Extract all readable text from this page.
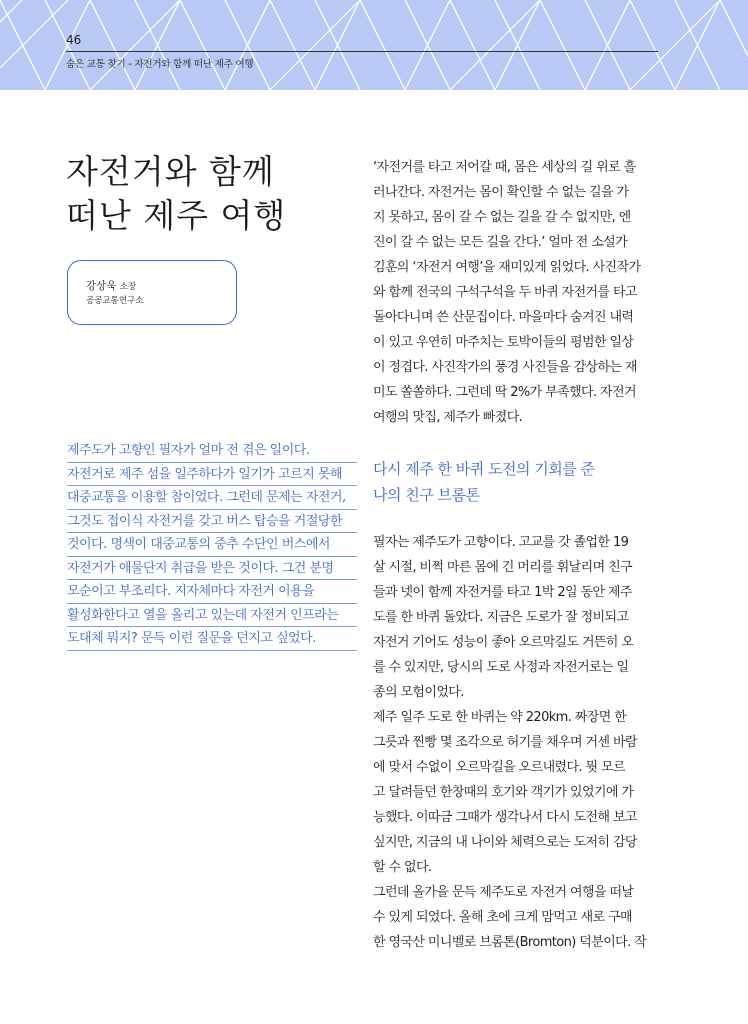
46
숨은 교통 찾기 - 자전거와 함께 떠난 제주 여행
자전거와 함께
떠난 제주 여행
강상욱 소장
공공교통연구소
제주도가 고향인 필자가 얼마 전 겪은 일이다.
자전거로 제주 섬을 일주하다가 일기가 고르지 못해
대중교통을 이용할 참이었다. 그런데 문제는 자전거,
그것도 접이식 자전거를 갖고 버스 탑승을 거절당한
것이다. 명색이 대중교통의 중추 수단인 버스에서
자전거가 애물단지 취급을 받은 것이다. 그건 분명
모순이고 부조리다. 지자체마다 자전거 이용을
활성화한다고 열을 올리고 있는데 자전거 인프라는
도대체 뭐지? 문득 이런 질문을 던지고 싶었다.
‘자전거를 타고 저어갈 때, 몸은 세상의 길 위로 흘
러나간다. 자전거는 몸이 확인할 수 없는 길을 가
지 못하고, 몸이 갈 수 없는 길을 갈 수 없지만, 엔
진이 갈 수 없는 모든 길을 간다.’ 얼마 전 소설가
김훈의 ‘자전거 여행’을 재미있게 읽었다. 사진작가
와 함께 전국의 구석구석을 두 바퀴 자전거를 타고
돌아다니며 쓴 산문집이다. 마을마다 숨겨진 내력
이 있고 우연히 마주치는 토박이들의 평범한 일상
이 정겹다. 사진작가의 풍경 사진들을 감상하는 재
미도 쏠쏠하다. 그런데 딱 2%가 부족했다. 자전거
여행의 맛집, 제주가 빠졌다.
다시 제주 한 바퀴 도전의 기회를 준
나의 친구 브롬톤
필자는 제주도가 고향이다. 고교를 갓 졸업한 19
살 시절, 비쩍 마른 몸에 긴 머리를 휘날리며 친구
들과 넷이 함께 자전거를 타고 1박 2일 동안 제주
도를 한 바퀴 돌았다. 지금은 도로가 잘 정비되고
자전거 기어도 성능이 좋아 오르막길도 거뜬히 오
를 수 있지만, 당시의 도로 사정과 자전거로는 일
종의 모험이었다.
제주 일주 도로 한 바퀴는 약 220km. 짜장면 한
그릇과 찐빵 몇 조각으로 허기를 채우며 거센 바람
에 맞서 수없이 오르막길을 오르내렸다. 뭣 모르
고 달려들던 한창때의 호기와 객기가 있었기에 가
능했다. 이따금 그때가 생각나서 다시 도전해 보고
싶지만, 지금의 내 나이와 체력으로는 도저히 감당
할 수 없다.
그런데 올가을 문득 제주도로 자전거 여행을 떠날
수 있게 되었다. 올해 초에 크게 맘먹고 새로 구매
한 영국산 미니벨로 브롬톤(Bromton) 덕분이다. 작
